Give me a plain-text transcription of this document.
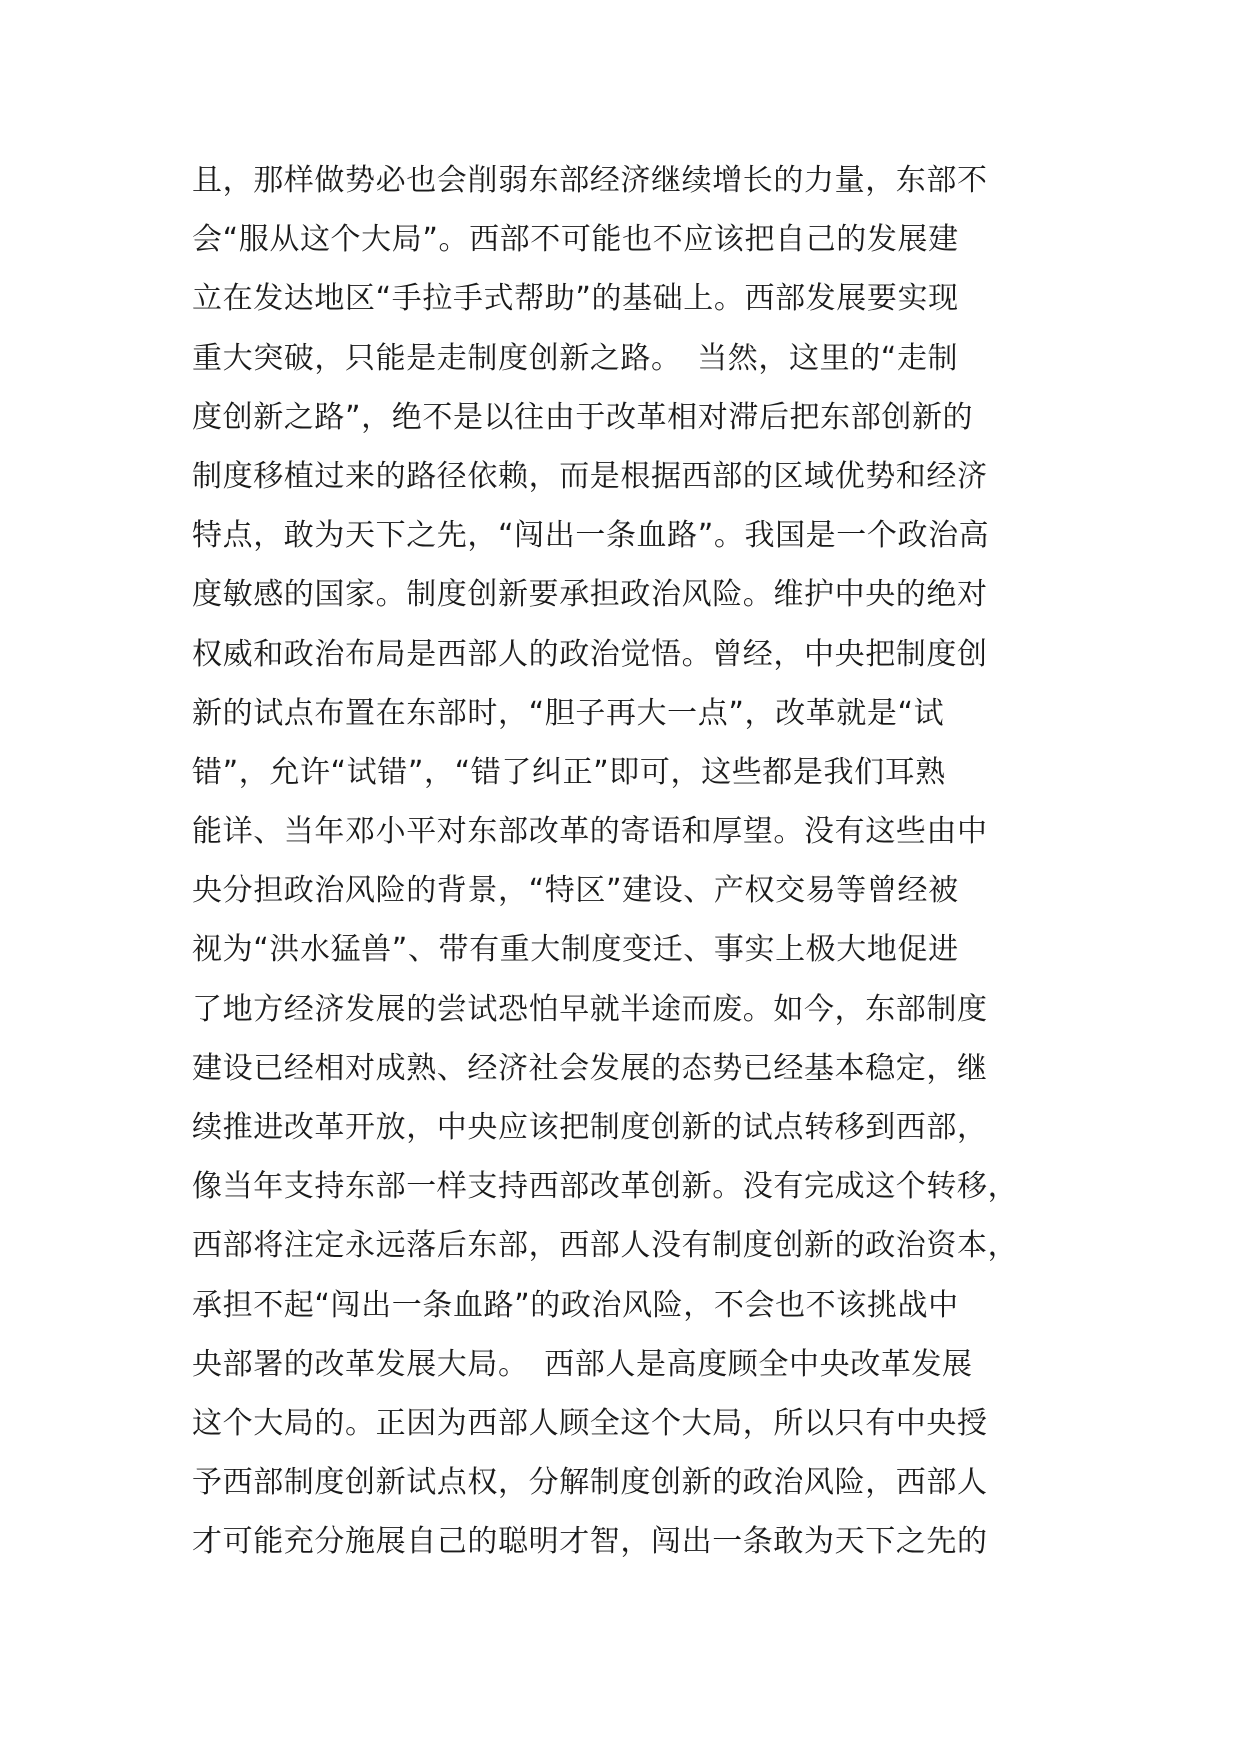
且，那样做势必也会削弱东部经济继续增长的力量，东部不
会“服从这个大局”。西部不可能也不应该把自己的发展建
立在发达地区“手拉手式帮助”的基础上。西部发展要实现
重大突破，只能是走制度创新之路。　当然，这里的“走制
度创新之路”，绝不是以往由于改革相对滞后把东部创新的
制度移植过来的路径依赖，而是根据西部的区域优势和经济
特点，敢为天下之先，“闯出一条血路”。我国是一个政治高
度敏感的国家。制度创新要承担政治风险。维护中央的绝对
权威和政治布局是西部人的政治觉悟。曾经，中央把制度创
新的试点布置在东部时，“胆子再大一点”，改革就是“试
错”，允许“试错”，“错了纠正”即可，这些都是我们耳熟
能详、当年邓小平对东部改革的寄语和厚望。没有这些由中
央分担政治风险的背景，“特区”建设、产权交易等曾经被
视为“洪水猛兽”、带有重大制度变迁、事实上极大地促进
了地方经济发展的尝试恐怕早就半途而废。如今，东部制度
建设已经相对成熟、经济社会发展的态势已经基本稳定，继
续推进改革开放，中央应该把制度创新的试点转移到西部，
像当年支持东部一样支持西部改革创新。没有完成这个转移，
西部将注定永远落后东部，西部人没有制度创新的政治资本，
承担不起“闯出一条血路”的政治风险，不会也不该挑战中
央部署的改革发展大局。　西部人是高度顾全中央改革发展
这个大局的。正因为西部人顾全这个大局，所以只有中央授
予西部制度创新试点权，分解制度创新的政治风险，西部人
才可能充分施展自己的聪明才智，闯出一条敢为天下之先的
